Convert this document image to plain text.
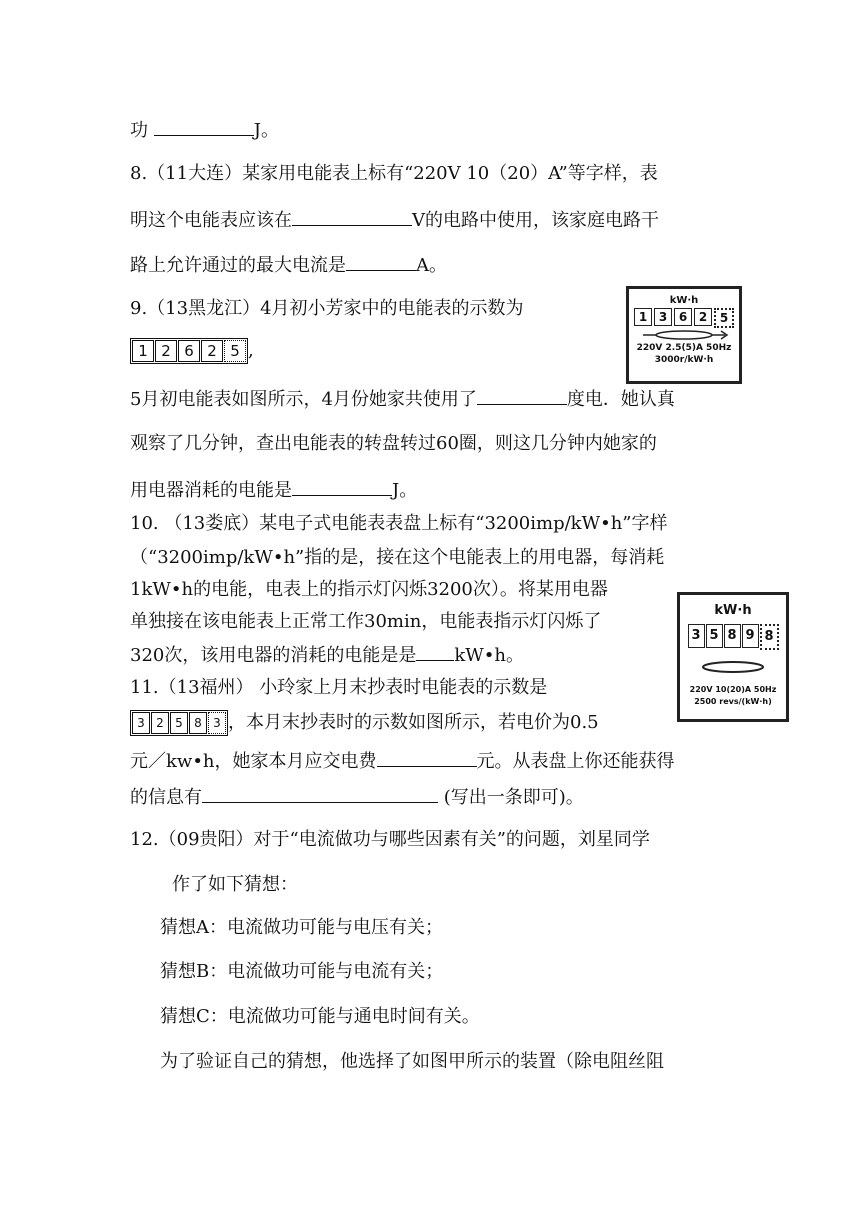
功	J。
8.（11大连）某家用电能表上标有“220V 10（20）A”等字样，表
明这个电能表应该在	V的电路中使用，该家庭电路干
路上允许通过的最大电流是	A。
9.（13黑龙江）4月初小芳家中的电能表的示数为
1 2 6 2 5 ,
5月初电能表如图所示，4月份她家共使用了	度电．她认真
观察了几分钟，查出电能表的转盘转过60圈，则这几分钟内她家的
用电器消耗的电能是	J。
kW·h
1 3 6 2	5
220V 2.5(5)A 50Hz
3000r/kW·h
10. （13娄底）某电子式电能表表盘上标有“3200imp/kW•h”字样
（“3200imp/kW•h”指的是，接在这个电能表上的用电器，每消耗
1kW•h的电能，电表上的指示灯闪烁3200次）。将某用电器
单独接在该电能表上正常工作30min，电能表指示灯闪烁了
320次，该用电器的消耗的电能是是 kW•h。
kW·h
3 5 8 9 8
220V 10(20)A 50Hz
2500 revs/(kW·h)
11.（13福州） 小玲家上月末抄表时电能表的示数是
3 2 5 8 3 ，本月末抄表时的示数如图所示，若电价为0.5
元／kw•h，她家本月应交电费	元。从表盘上你还能获得
的信息有	(写出一条即可)。
12.（09贵阳）对于“电流做功与哪些因素有关”的问题，刘星同学
作了如下猜想：
猜想A：电流做功可能与电压有关；
猜想B：电流做功可能与电流有关；
猜想C：电流做功可能与通电时间有关。
为了验证自己的猜想，他选择了如图甲所示的装置（除电阻丝阻
